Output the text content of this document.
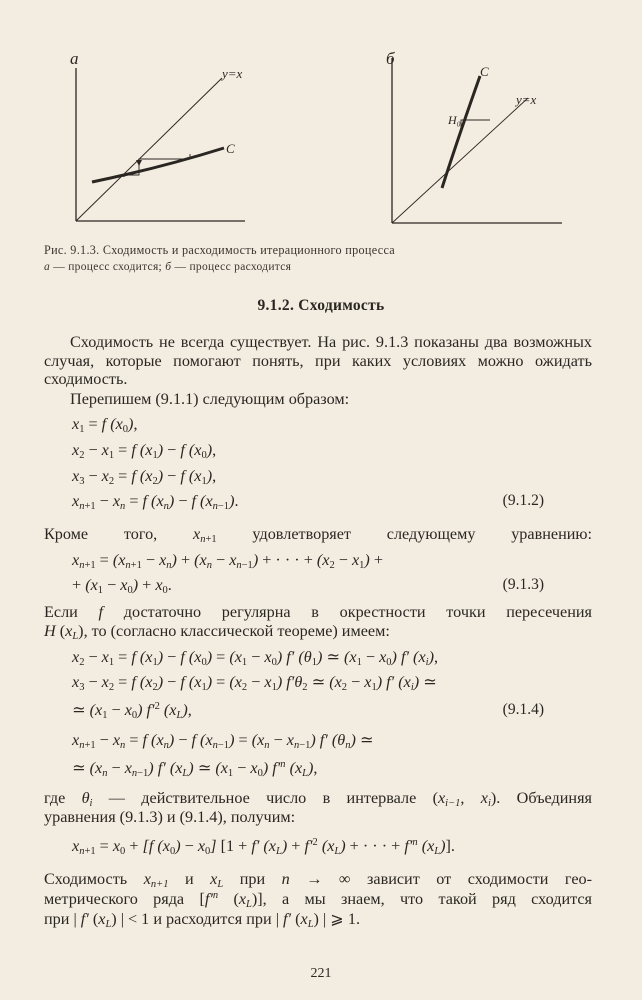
а
y=x
C
б
C
y=x
H₀
Рис. 9.1.3. Сходимость и расходимость итерационного процесса
а — процесс сходится; б — процесс расходится
9.1.2. Сходимость
Сходимость не всегда существует. На рис. 9.1.3 показаны два возможных случая, которые помогают понять, при каких условиях можно ожидать сходимость.
Перепишем (9.1.1) следующим образом:
$x_1 = f$ $(x_0)$,
$x_2 - x_1 = f$ $(x_1) - f$ $(x_0)$,
$x_3 - x_2 = f$ $(x_2) - f$ $(x_1)$,
$x_{n+1} - x_n = f$ $(x_n) - f$ $(x_{n-1})$.	(9.1.2)
Кроме того, $x_{n+1}$ удовлетворяет следующему уравнению:
$x_{n+1} = (x_{n+1} - x_n) + (x_n - x_{n-1})$ + · · · + $(x_2 - x_1)$ +
+ $(x_1 - x_0) + x_0$.	(9.1.3)
Если f достаточно регулярна в окрестности точки пересечения
H $(x_L)$, то (согласно классической теореме) имеем:
$x_2 - x_1 = f$ $(x_1) - f$ $(x_0) = (x_1 - x_0)$ f′ $(\theta_1)$ ≃ $(x_1 - x_0)$ f′ $(x_i)$,
$x_3 - x_2 = f$ $(x_2) - f$ $(x_1) = (x_2 - x_1)$ $f'\theta_2$ ≃ $(x_2 - x_1)$ f′ $(x_i)$ ≃
≃ $(x_1 - x_0)$ $f'^2$ $(x_L)$,	(9.1.4)
$x_{n+1} - x_n = f$ $(x_n) - f$ $(x_{n-1}) = (x_n - x_{n-1})$ f′ $(\theta_n)$ ≃
≃ $(x_n - x_{n-1})$ f′ $(x_L)$ ≃ $(x_1 - x_0)$ $f'^n$ $(x_L)$,
где $\theta_i$ — действительное число в интервале ($x_{i-1}$, $x_i$). Объединяя
уравнения (9.1.3) и (9.1.4), получим:
$x_{n+1} = x_0 + [f$ $(x_0) - x_0$] [1 + f′ $(x_L) + f'^2$ $(x_L)$ + · · · + $f'^n$ $(x_L)$].
Сходимость $x_{n+1}$ и $x_L$ при n → ∞ зависит от сходимости гео-
метрического ряда [$f'^n$ $(x_L)$], а мы знаем, что такой ряд сходится
при | f′ $(x_L)$ | < 1 и расходится при | f′ $(x_L)$ | ⩾ 1.
221
